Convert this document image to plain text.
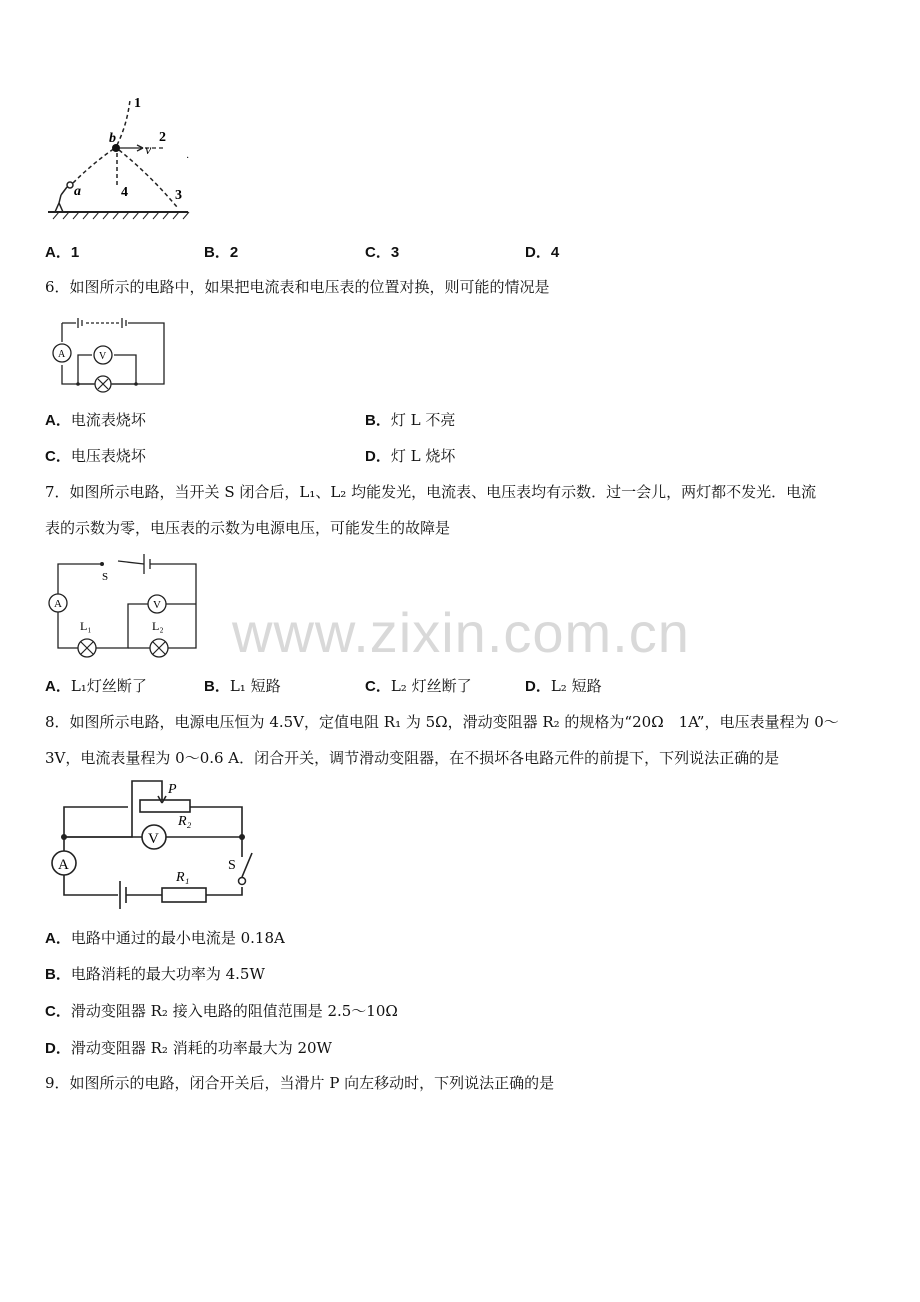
1
b	2
v
a	4	3
·
A．1	B．2	C．3	D．4
6．如图所示的电路中，如果把电流表和电压表的位置对换，则可能的情况是
A	V
A．电流表烧坏	B．灯 L 不亮
C．电压表烧坏	D．灯 L 烧坏
7．如图所示电路，当开关 S 闭合后，L₁、L₂ 均能发光，电流表、电压表均有示数．过一会儿，两灯都不发光．电流
表的示数为零，电压表的示数为电源电压，可能发生的故障是
S
A	V
L₁	L₂ www.zixin.com.cn
A．L₁灯丝断了	B．L₁ 短路	C．L₂ 灯丝断了	D．L₂ 短路
8．如图所示电路，电源电压恒为 4.5V，定值电阻 R₁ 为 5Ω，滑动变阻器 R₂ 的规格为“20Ω　1A”，电压表量程为 0～
3V，电流表量程为 0～0.6 A．闭合开关，调节滑动变阻器，在不损坏各电路元件的前提下，下列说法正确的是
P
R₂
V
A
R₁
S
A．电路中通过的最小电流是 0.18A
B．电路消耗的最大功率为 4.5W
C．滑动变阻器 R₂ 接入电路的阻值范围是 2.5～10Ω
D．滑动变阻器 R₂ 消耗的功率最大为 20W
9．如图所示的电路，闭合开关后，当滑片 P 向左移动时，下列说法正确的是
